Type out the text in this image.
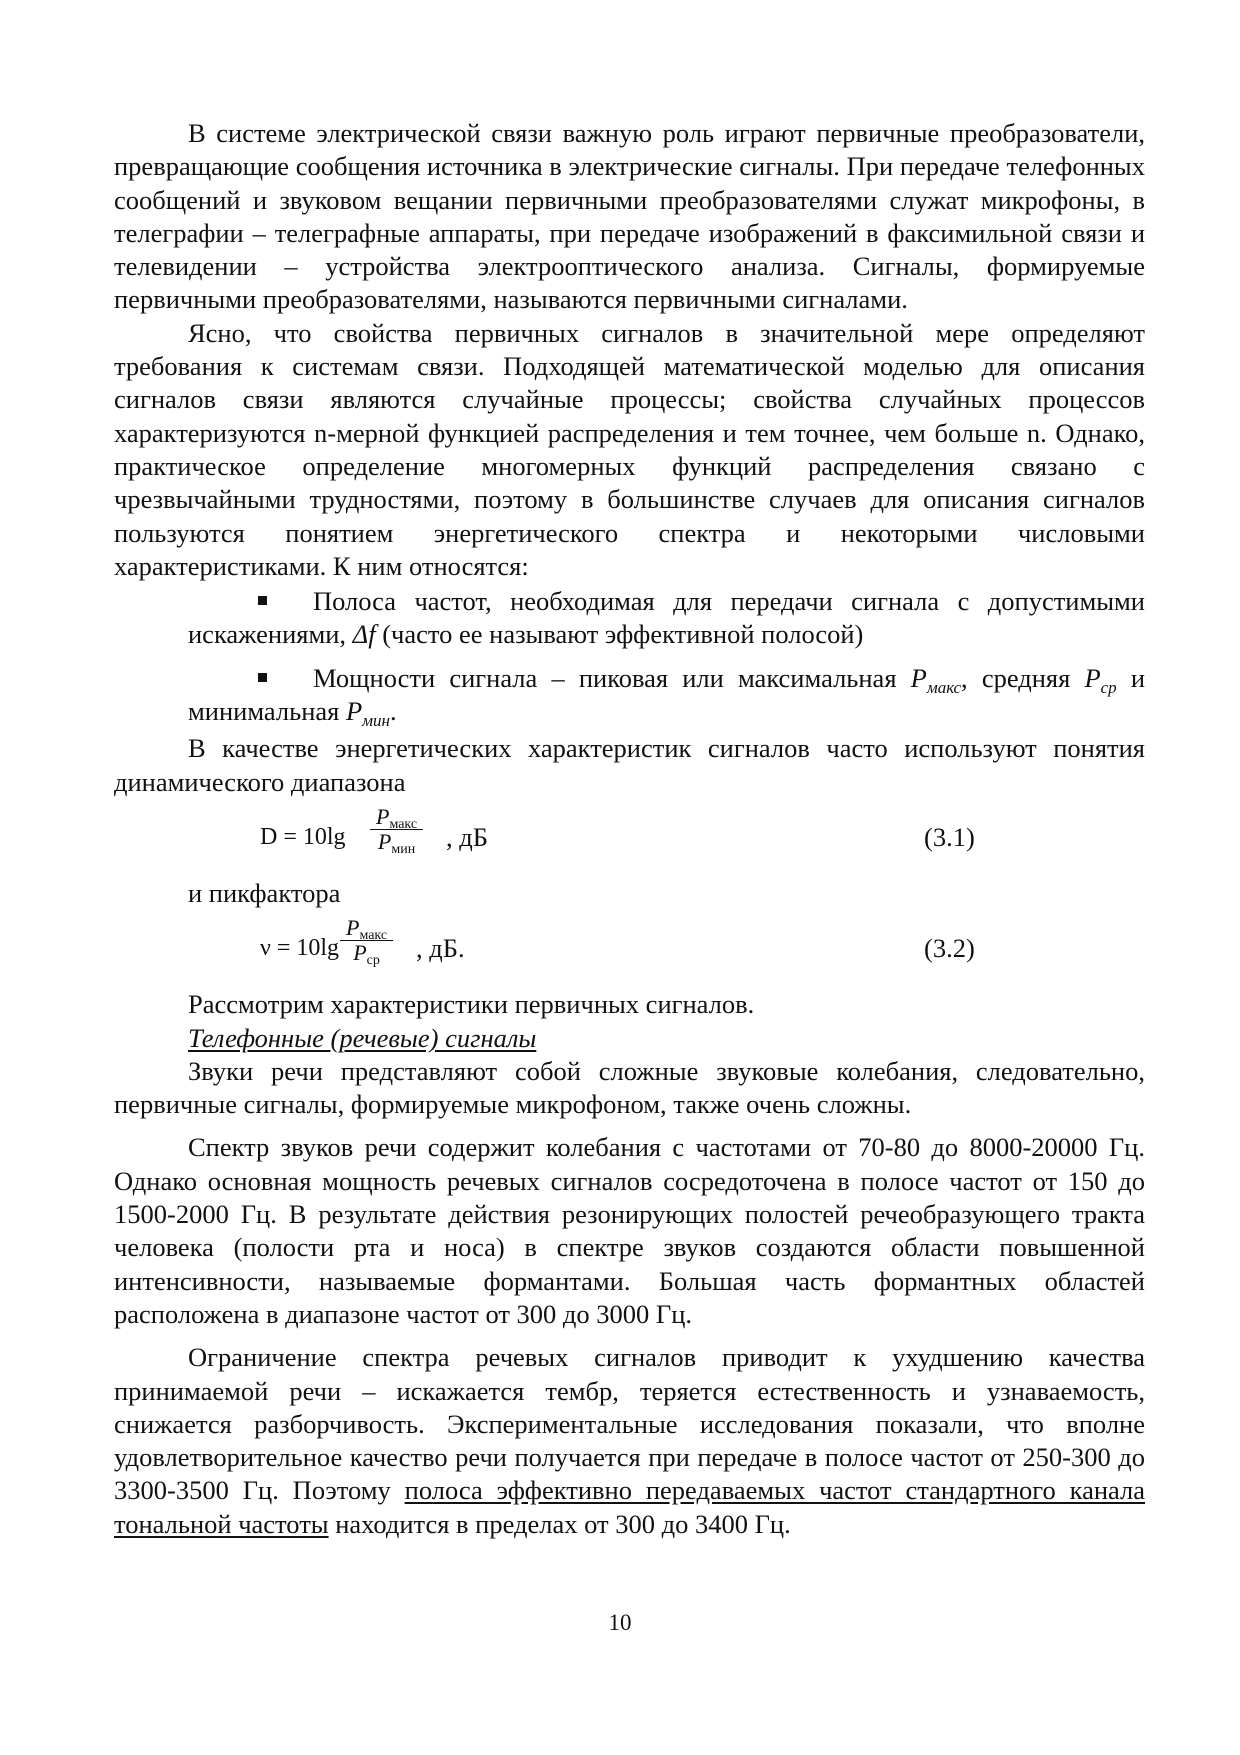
В системе электрической связи важную роль играют первичные преобразователи, превращающие сообщения источника в электрические сигналы. При передаче телефонных сообщений и звуковом вещании первичными преобразователями служат микрофоны, в телеграфии – телеграфные аппараты, при передаче изображений в факсимильной связи и телевидении – устройства электрооптического анализа. Сигналы, формируемые первичными преобразователями, называются первичными сигналами.

Ясно, что свойства первичных сигналов в значительной мере определяют требования к системам связи. Подходящей математической моделью для описания сигналов связи являются случайные процессы; свойства случайных процессов характеризуются n-мерной функцией распределения и тем точнее, чем больше n. Однако, практическое определение многомерных функций распределения связано с чрезвычайными трудностями, поэтому в большинстве случаев для описания сигналов пользуются понятием энергетического спектра и некоторыми числовыми характеристиками. К ним относятся:

Полоса частот, необходимая для передачи сигнала с допустимыми искажениями, Δf (часто ее называют эффективной полосой)

Мощности сигнала – пиковая или максимальная $P_{макс}$, средняя $P_{ср}$ и минимальная $P_{мин}$.

В качестве энергетических характеристик сигналов часто используют понятия динамического диапазона

D = 10lg
$P_{макс}$
$P_{мин}$ , дБ	(3.1)

и пикфактора

ν = 10lg
$P_{макс}$
$P_{ср}$ , дБ.	(3.2)

Рассмотрим характеристики первичных сигналов.

Телефонные (речевые) сигналы

Звуки речи представляют собой сложные звуковые колебания, следовательно, первичные сигналы, формируемые микрофоном, также очень сложны.

Спектр звуков речи содержит колебания с частотами от 70-80 до 8000-20000 Гц. Однако основная мощность речевых сигналов сосредоточена в полосе частот от 150 до 1500-2000 Гц. В результате действия резонирующих полостей речеобразующего тракта человека (полости рта и носа) в спектре звуков создаются области повышенной интенсивности, называемые формантами. Большая часть формантных областей расположена в диапазоне частот от 300 до 3000 Гц.

Ограничение спектра речевых сигналов приводит к ухудшению качества принимаемой речи – искажается тембр, теряется естественность и узнаваемость, снижается разборчивость. Экспериментальные исследования показали, что вполне удовлетворительное качество речи получается при передаче в полосе частот от 250-300 до 3300-3500 Гц. Поэтому полоса эффективно передаваемых частот стандартного канала тональной частоты находится в пределах от 300 до 3400 Гц.

10
